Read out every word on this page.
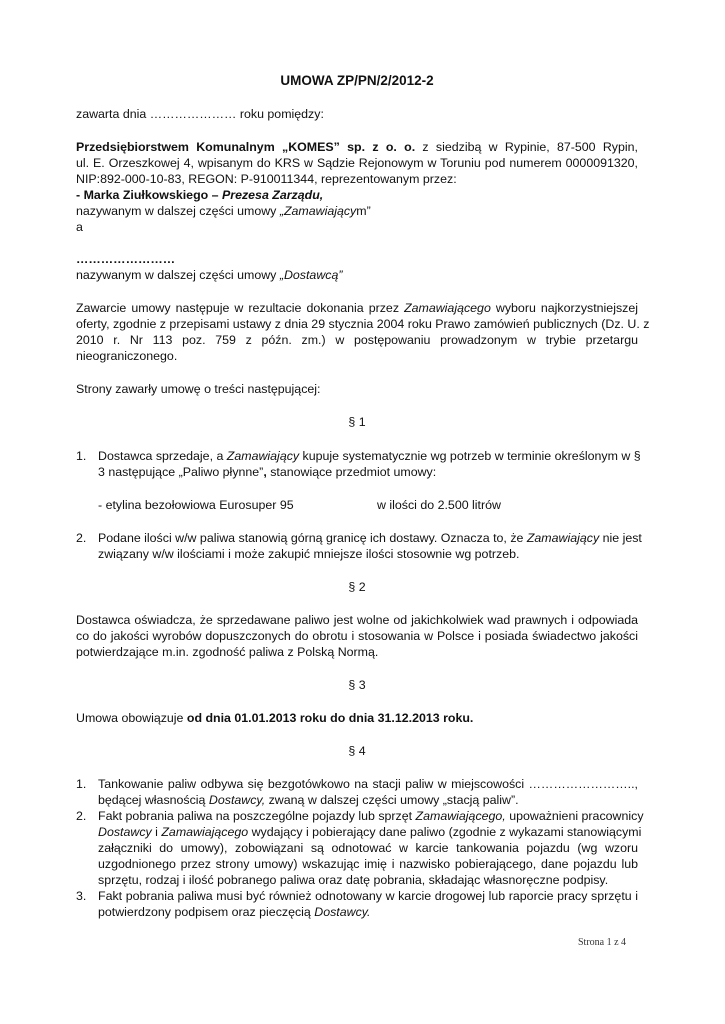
UMOWA ZP/PN/2/2012-2
zawarta dnia ………………… roku pomiędzy:
Przedsiębiorstwem Komunalnym „KOMES” sp. z o. o. z siedzibą w Rypinie, 87-500 Rypin,
ul. E. Orzeszkowej 4, wpisanym do KRS w Sądzie Rejonowym w Toruniu pod numerem 0000091320,
NIP:892-000-10-83, REGON: P-910011344, reprezentowanym przez:
- Marka Ziułkowskiego – Prezesa Zarządu,
nazywanym w dalszej części umowy „Zamawiającym”
a
……………………
nazywanym w dalszej części umowy „Dostawcą”
Zawarcie umowy następuje w rezultacie dokonania przez Zamawiającego wyboru najkorzystniejszej
oferty, zgodnie z przepisami ustawy z dnia 29 stycznia 2004 roku Prawo zamówień publicznych (Dz. U. z
2010 r. Nr 113 poz. 759 z późn. zm.) w postępowaniu prowadzonym w trybie przetargu
nieograniczonego.
Strony zawarły umowę o treści następującej:
§ 1
1. Dostawca sprzedaje, a Zamawiający kupuje systematycznie wg potrzeb w terminie określonym w §
3 następujące „Paliwo płynne”, stanowiące przedmiot umowy:
- etylina bezołowiowa Eurosuper 95	w ilości do 2.500 litrów
2. Podane ilości w/w paliwa stanowią górną granicę ich dostawy. Oznacza to, że Zamawiający nie jest
związany w/w ilościami i może zakupić mniejsze ilości stosownie wg potrzeb.
§ 2
Dostawca oświadcza, że sprzedawane paliwo jest wolne od jakichkolwiek wad prawnych i odpowiada
co do jakości wyrobów dopuszczonych do obrotu i stosowania w Polsce i posiada świadectwo jakości
potwierdzające m.in. zgodność paliwa z Polską Normą.
§ 3
Umowa obowiązuje od dnia 01.01.2013 roku do dnia 31.12.2013 roku.
§ 4
1. Tankowanie paliw odbywa się bezgotówkowo na stacji paliw w miejscowości ……………………..,
będącej własnością Dostawcy, zwaną w dalszej części umowy „stacją paliw”.
2. Fakt pobrania paliwa na poszczególne pojazdy lub sprzęt Zamawiającego, upoważnieni pracownicy
Dostawcy i Zamawiającego wydający i pobierający dane paliwo (zgodnie z wykazami stanowiącymi
załączniki do umowy), zobowiązani są odnotować w karcie tankowania pojazdu (wg wzoru
uzgodnionego przez strony umowy) wskazując imię i nazwisko pobierającego, dane pojazdu lub
sprzętu, rodzaj i ilość pobranego paliwa oraz datę pobrania, składając własnoręczne podpisy.
3. Fakt pobrania paliwa musi być również odnotowany w karcie drogowej lub raporcie pracy sprzętu i
potwierdzony podpisem oraz pieczęcią Dostawcy.
Strona 1 z 4
